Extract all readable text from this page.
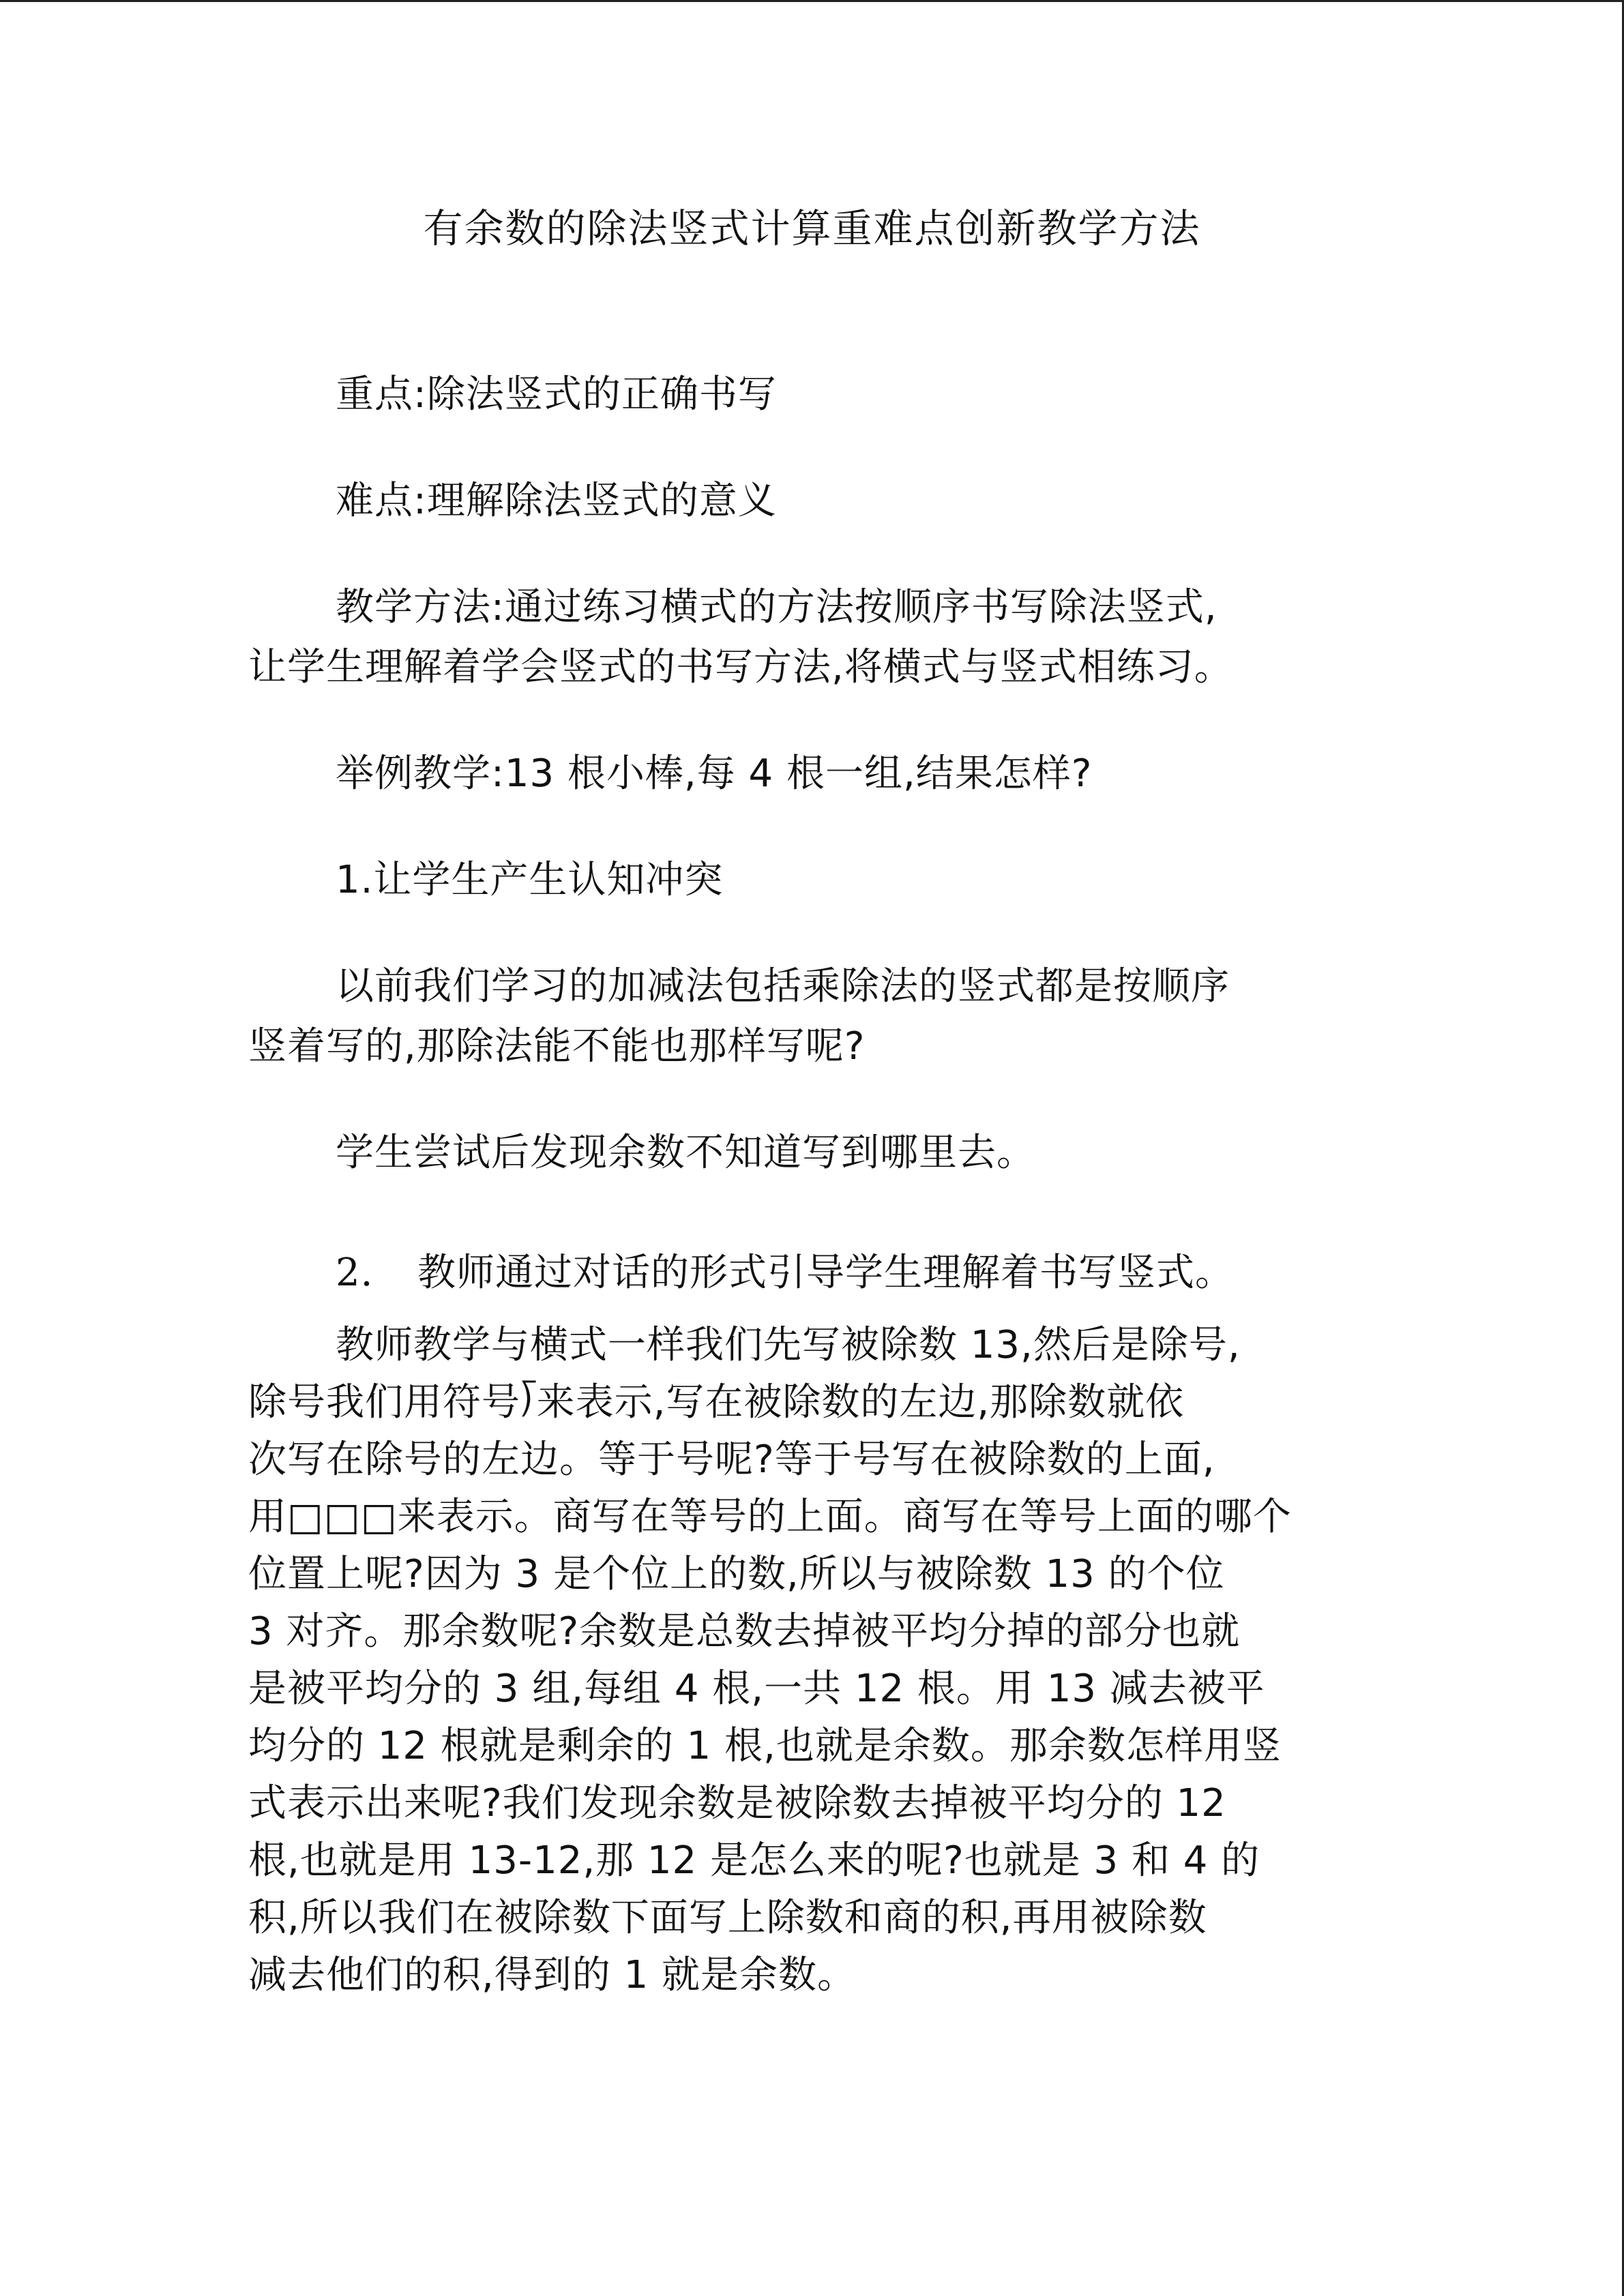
有余数的除法竖式计算重难点创新教学方法

重点:除法竖式的正确书写

难点:理解除法竖式的意义

教学方法:通过练习横式的方法按顺序书写除法竖式,
让学生理解着学会竖式的书写方法,将横式与竖式相练习。

举例教学:13 根小棒,每 4 根一组,结果怎样?

1.让学生产生认知冲突

以前我们学习的加减法包括乘除法的竖式都是按顺序
竖着写的,那除法能不能也那样写呢?

学生尝试后发现余数不知道写到哪里去。

2. 教师通过对话的形式引导学生理解着书写竖式。

教师教学与横式一样我们先写被除数 13,然后是除号,
除号我们用符号⟌来表示,写在被除数的左边,那除数就依
次写在除号的左边。等于号呢?等于号写在被除数的上面,
用□□□来表示。商写在等号的上面。商写在等号上面的哪个
位置上呢?因为 3 是个位上的数,所以与被除数 13 的个位
3 对齐。那余数呢?余数是总数去掉被平均分掉的部分也就
是被平均分的 3 组,每组 4 根,一共 12 根。用 13 减去被平
均分的 12 根就是剩余的 1 根,也就是余数。那余数怎样用竖
式表示出来呢?我们发现余数是被除数去掉被平均分的 12
根,也就是用 13-12,那 12 是怎么来的呢?也就是 3 和 4 的
积,所以我们在被除数下面写上除数和商的积,再用被除数
减去他们的积,得到的 1 就是余数。
